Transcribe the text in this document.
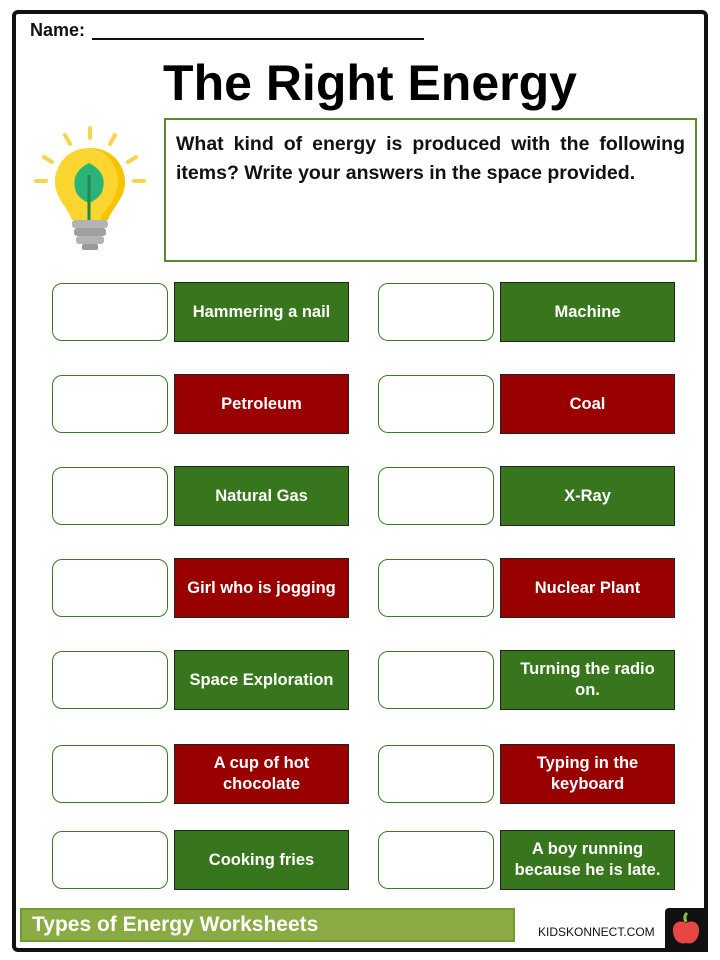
Name:
The Right Energy
What kind of energy is produced with the following items? Write your answers in the space provided.
Hammering a nail
Petroleum
Natural Gas
Girl who is jogging
Space Exploration
A cup of hot chocolate
Cooking fries
Machine
Coal
X-Ray
Nuclear Plant
Turning the radio on.
Typing in the keyboard
A boy running because he is late.
Types of Energy Worksheets	KIDSKONNECT.COM
